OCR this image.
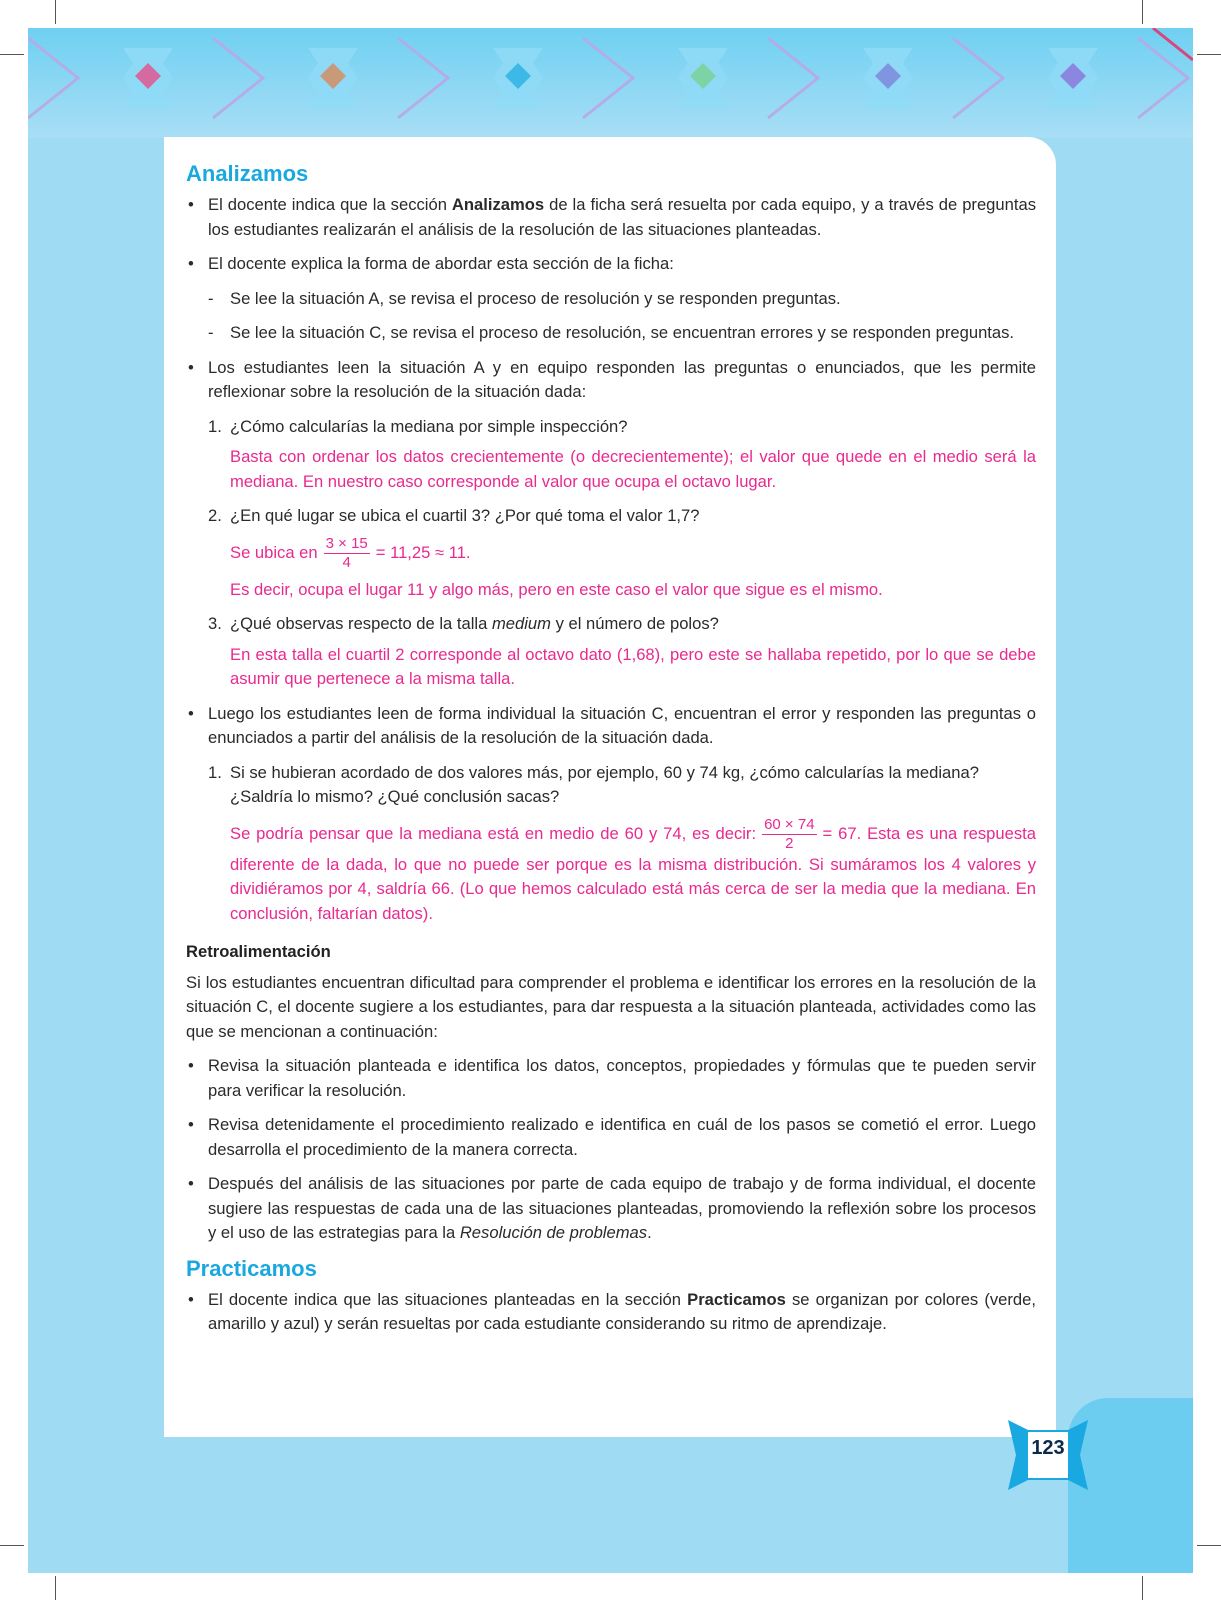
Analizamos

• El docente indica que la sección Analizamos de la ficha será resuelta por cada equipo, y a través de preguntas los estudiantes realizarán el análisis de la resolución de las situaciones planteadas.

• El docente explica la forma de abordar esta sección de la ficha:

- Se lee la situación A, se revisa el proceso de resolución y se responden preguntas.

- Se lee la situación C, se revisa el proceso de resolución, se encuentran errores y se responden preguntas.

• Los estudiantes leen la situación A y en equipo responden las preguntas o enunciados, que les permite reflexionar sobre la resolución de la situación dada:

1. ¿Cómo calcularías la mediana por simple inspección?

Basta con ordenar los datos crecientemente (o decrecientemente); el valor que quede en el medio será la mediana. En nuestro caso corresponde al valor que ocupa el octavo lugar.

2. ¿En qué lugar se ubica el cuartil 3? ¿Por qué toma el valor 1,7?

Se ubica en $\frac{3 \times 15}{4} = 11,25 \approx 11$.

Es decir, ocupa el lugar 11 y algo más, pero en este caso el valor que sigue es el mismo.

3. ¿Qué observas respecto de la talla medium y el número de polos?

En esta talla el cuartil 2 corresponde al octavo dato (1,68), pero este se hallaba repetido, por lo que se debe asumir que pertenece a la misma talla.

• Luego los estudiantes leen de forma individual la situación C, encuentran el error y responden las preguntas o enunciados a partir del análisis de la resolución de la situación dada.

1. Si se hubieran acordado de dos valores más, por ejemplo, 60 y 74 kg, ¿cómo calcularías la mediana? ¿Saldría lo mismo? ¿Qué conclusión sacas?

Se podría pensar que la mediana está en medio de 60 y 74, es decir: $\frac{60 \times 74}{2} = 67$. Esta es una respuesta diferente de la dada, lo que no puede ser porque es la misma distribución. Si sumáramos los 4 valores y dividiéramos por 4, saldría 66. (Lo que hemos calculado está más cerca de ser la media que la mediana. En conclusión, faltarían datos).

Retroalimentación

Si los estudiantes encuentran dificultad para comprender el problema e identificar los errores en la resolución de la situación C, el docente sugiere a los estudiantes, para dar respuesta a la situación planteada, actividades como las que se mencionan a continuación:

• Revisa la situación planteada e identifica los datos, conceptos, propiedades y fórmulas que te pueden servir para verificar la resolución.

• Revisa detenidamente el procedimiento realizado e identifica en cuál de los pasos se cometió el error. Luego desarrolla el procedimiento de la manera correcta.

• Después del análisis de las situaciones por parte de cada equipo de trabajo y de forma individual, el docente sugiere las respuestas de cada una de las situaciones planteadas, promoviendo la reflexión sobre los procesos y el uso de las estrategias para la Resolución de problemas.

Practicamos

• El docente indica que las situaciones planteadas en la sección Practicamos se organizan por colores (verde, amarillo y azul) y serán resueltas por cada estudiante considerando su ritmo de aprendizaje.

123
